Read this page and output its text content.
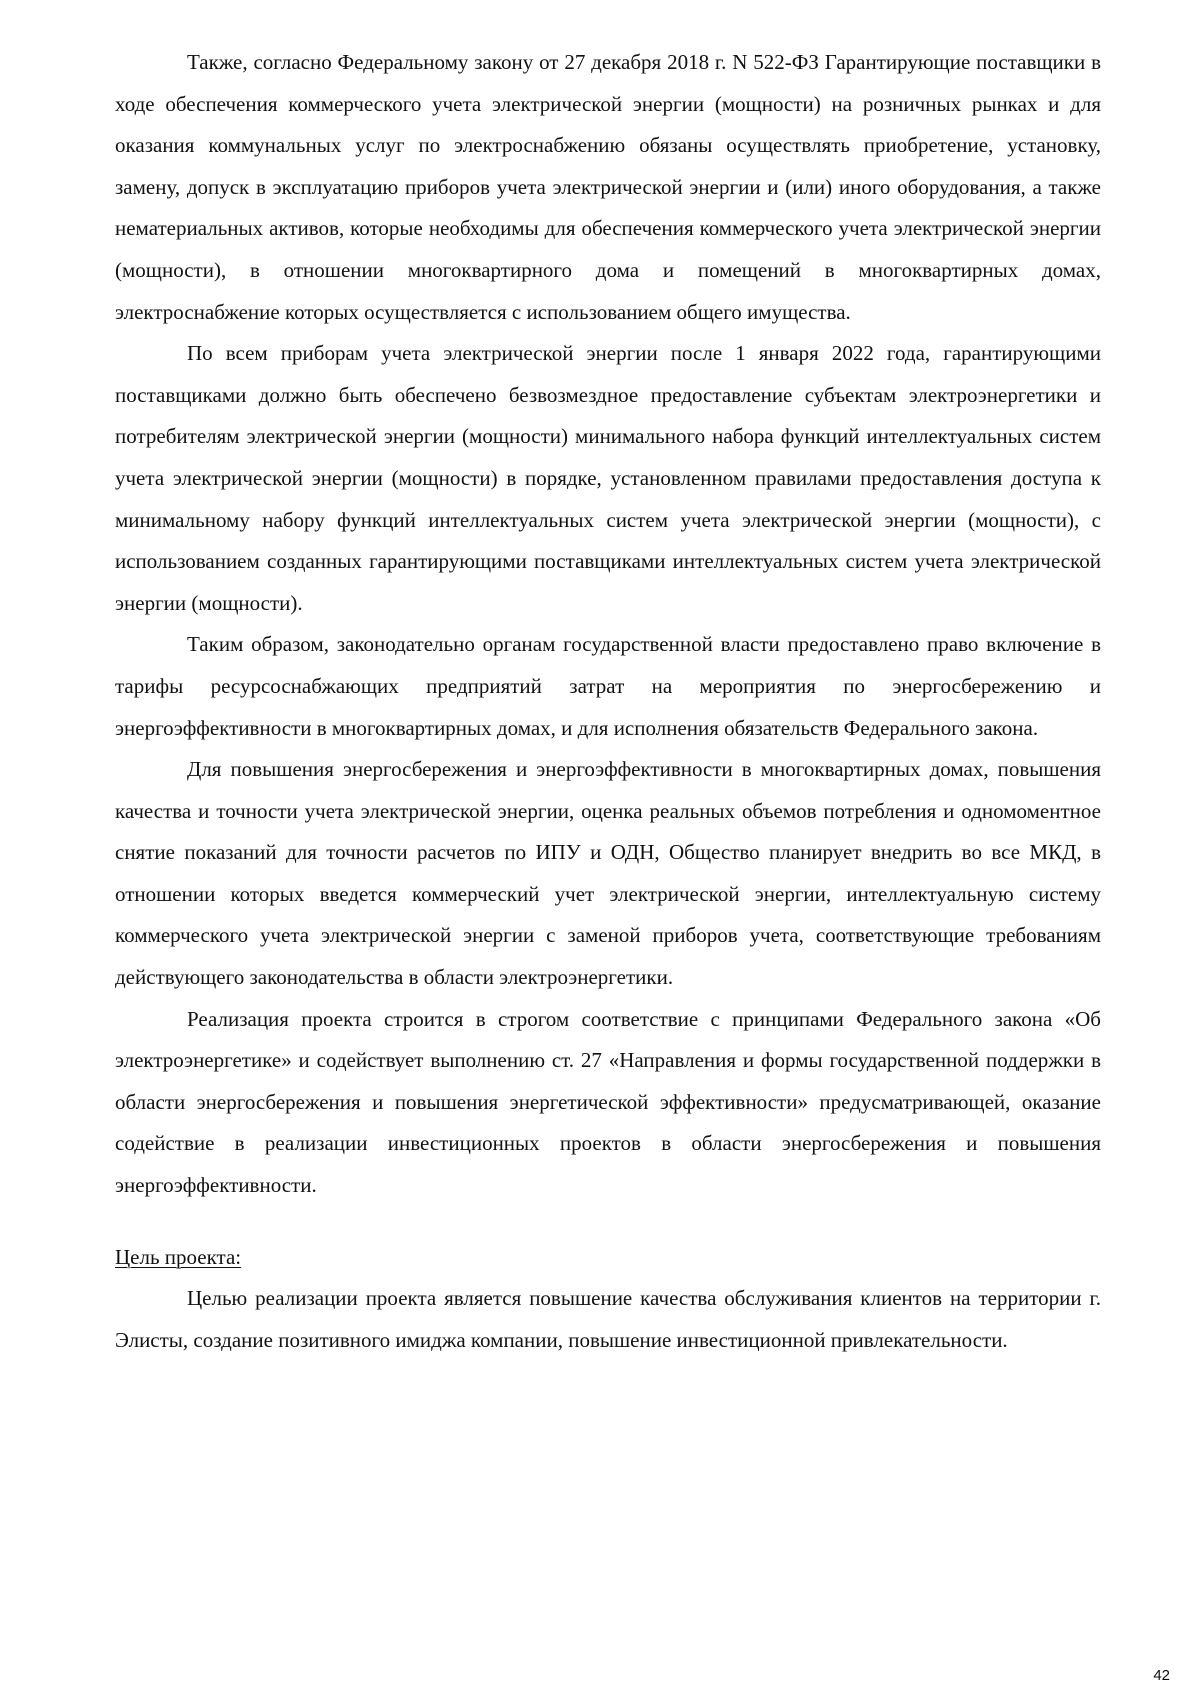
Также, согласно Федеральному закону от 27 декабря 2018 г. N 522-ФЗ Гарантирующие поставщики в ходе обеспечения коммерческого учета электрической энергии (мощности) на розничных рынках и для оказания коммунальных услуг по электроснабжению обязаны осуществлять приобретение, установку, замену, допуск в эксплуатацию приборов учета электрической энергии и (или) иного оборудования, а также нематериальных активов, которые необходимы для обеспечения коммерческого учета электрической энергии (мощности), в отношении многоквартирного дома и помещений в многоквартирных домах, электроснабжение которых осуществляется с использованием общего имущества.

По всем приборам учета электрической энергии после 1 января 2022 года, гарантирующими поставщиками должно быть обеспечено безвозмездное предоставление субъектам электроэнергетики и потребителям электрической энергии (мощности) минимального набора функций интеллектуальных систем учета электрической энергии (мощности) в порядке, установленном правилами предоставления доступа к минимальному набору функций интеллектуальных систем учета электрической энергии (мощности), с использованием созданных гарантирующими поставщиками интеллектуальных систем учета электрической энергии (мощности).

Таким образом, законодательно органам государственной власти предоставлено право включение в тарифы ресурсоснабжающих предприятий затрат на мероприятия по энергосбережению и энергоэффективности в многоквартирных домах, и для исполнения обязательств Федерального закона.

Для повышения энергосбережения и энергоэффективности в многоквартирных домах, повышения качества и точности учета электрической энергии, оценка реальных объемов потребления и одномоментное снятие показаний для точности расчетов по ИПУ и ОДН, Общество планирует внедрить во все МКД, в отношении которых введется коммерческий учет электрической энергии, интеллектуальную систему коммерческого учета электрической энергии с заменой приборов учета, соответствующие требованиям действующего законодательства в области электроэнергетики.

Реализация проекта строится в строгом соответствие с принципами Федерального закона «Об электроэнергетике» и содействует выполнению ст. 27 «Направления и формы государственной поддержки в области энергосбережения и повышения энергетической эффективности» предусматривающей, оказание содействие в реализации инвестиционных проектов в области энергосбережения и повышения энергоэффективности.

Цель проекта:

Целью реализации проекта является повышение качества обслуживания клиентов на территории г. Элисты, создание позитивного имиджа компании, повышение инвестиционной привлекательности.

42
